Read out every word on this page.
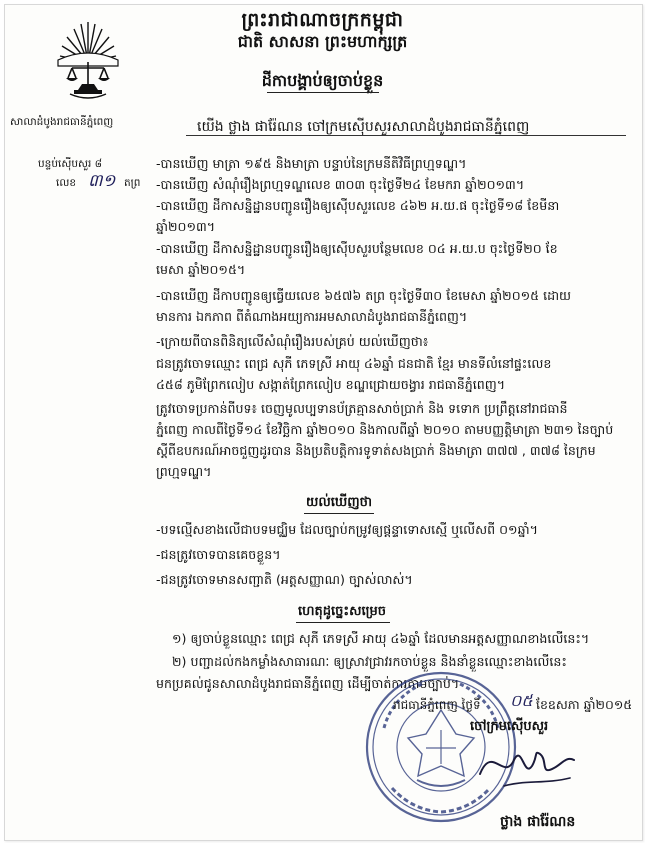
ព្រះរាជាណាចក្រកម្ពុជា
ជាតិ សាសនា ព្រះមហាក្សត្រ
សាលាដំបូងរាជធានីភ្នំពេញ
ដីកាបង្គាប់ឲ្យចាប់ខ្លួន
យើង ថ្លាង ផារ៉ែណន ចៅក្រមស៊ើបសួរសាលាដំបូងរាជធានីភ្នំពេញ
បន្ទប់ស៊ើបសួរ ៨
លេខ ៣១ តព្រ
-បានឃើញ មាត្រា ១៩៥ និងមាត្រា បន្ទាប់នៃក្រមនីតិវិធីព្រហ្មទណ្ឌ។
-បានឃើញ សំណុំរឿងព្រហ្មទណ្ឌលេខ ៣០៣ ចុះថ្ងៃទី២៤ ខែមករា ឆ្នាំ២០១៣។
-បានឃើញ ដីកាសន្និដ្ឋានបញ្ជូនរឿងឲ្យស៊ើបសួរលេខ ៤៦២ អ.យ.ផ ចុះថ្ងៃទី១៨ ខែមីនា
ឆ្នាំ២០១៣។
-បានឃើញ ដីកាសន្និដ្ឋានបញ្ជូនរឿងឲ្យស៊ើបសួរបន្ថែមលេខ ០៤ អ.យ.ប ចុះថ្ងៃទី២០ ខែ
មេសា ឆ្នាំ២០១៥។
-បានឃើញ ដីកាបញ្ជូនឲ្យធ្វើយលេខ ៦៥៧៦ តព្រ ចុះថ្ងៃទី៣០ ខែមេសា ឆ្នាំ២០១៥ ដោយ
មានការ ឯកភាព ពីតំណាងអយ្យការអមសាលាដំបូងរាជធានីភ្នំពេញ។
-ក្រោយពីបានពិនិត្យលើសំណុំរឿងរបស់គ្រប់ យល់ឃើញថា៖
ជនត្រូវចោទឈ្មោះ ពេជ្រ សុភី ភេទស្រី អាយុ ៤៦ឆ្នាំ ជនជាតិ ខ្មែរ មានទីលំនៅផ្ទះលេខ
៤៥៨ ភូមិព្រែកលៀប សង្កាត់ព្រែកលៀប ខណ្ឌជ្រោយចង្វារ រាជធានីភ្នំពេញ។
ត្រូវចោទប្រកាន់ពីបទ៖ ចេញមូលប្បទានប័ត្រគ្មានសាច់ប្រាក់ និង ទទោក ប្រព្រឹត្តនៅរាជធានី
ភ្នំពេញ កាលពីថ្ងៃទី១៤ ខែវិច្ឆិកា ឆ្នាំ២០១០ និងកាលពីឆ្នាំ ២០១០ តាមបញ្ញត្តិមាត្រា ២៣១ នៃច្បាប់
ស្តីពីឧបករណ៍អាចជួញដូរបាន និងប្រតិបត្តិការទូទាត់សងប្រាក់ និងមាត្រា ៣៧៧ , ៣៧៨ នៃក្រម
ព្រហ្មទណ្ឌ។
យល់ឃើញថា
-បទល្មើសខាងលើជាបទមជ្ឈិម ដែលច្បាប់កម្រូវឲ្យផ្តន្ទាទោសស្មើ ឬលើសពី ០១ឆ្នាំ។
-ជនត្រូវចោទបានគេចខ្លួន។
-ជនត្រូវចោទមានសញ្ជាតិ (អត្តសញ្ញាណ) ច្បាស់លាស់។
ហេតុដូច្នេះសម្រេច
១) ឲ្យចាប់ខ្លួនឈ្មោះ ពេជ្រ សុភី ភេទស្រី អាយុ ៤៦ឆ្នាំ ដែលមានអត្តសញ្ញាណខាងលើនេះ។
២) បញ្ជាដល់កងកម្លាំងសាធារណៈ ឲ្យស្រាវជ្រាវរកចាប់ខ្លួន និងនាំខ្លួនឈ្មោះខាងលើនេះ
មកប្រគល់ជូនសាលាដំបូងរាជធានីភ្នំពេញ ដើម្បីចាត់ការតាមច្បាប់។
រាជធានីភ្នំពេញ ថ្ងៃទី ០៥ ខែឧសភា ឆ្នាំ២០១៥
ចៅក្រមស៊ើបសួរ
ថ្លាង ផារ៉ែណន
